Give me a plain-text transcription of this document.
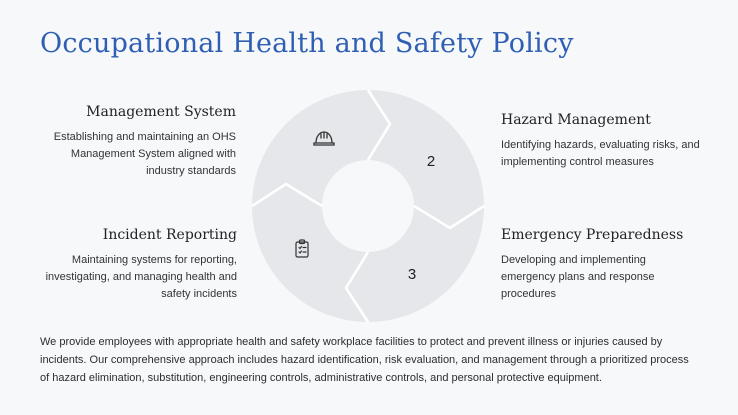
Occupational Health and Safety Policy
Management System

Establishing and maintaining an OHS Management System aligned with industry standards

Incident Reporting

Maintaining systems for reporting, investigating, and managing health and safety incidents

Hazard Management

Identifying hazards, evaluating risks, and implementing control measures

Emergency Preparedness

Developing and implementing emergency plans and response procedures

2
3
We provide employees with appropriate health and safety workplace facilities to protect and prevent illness or injuries caused by incidents. Our comprehensive approach includes hazard identification, risk evaluation, and management through a prioritized process of hazard elimination, substitution, engineering controls, administrative controls, and personal protective equipment.
